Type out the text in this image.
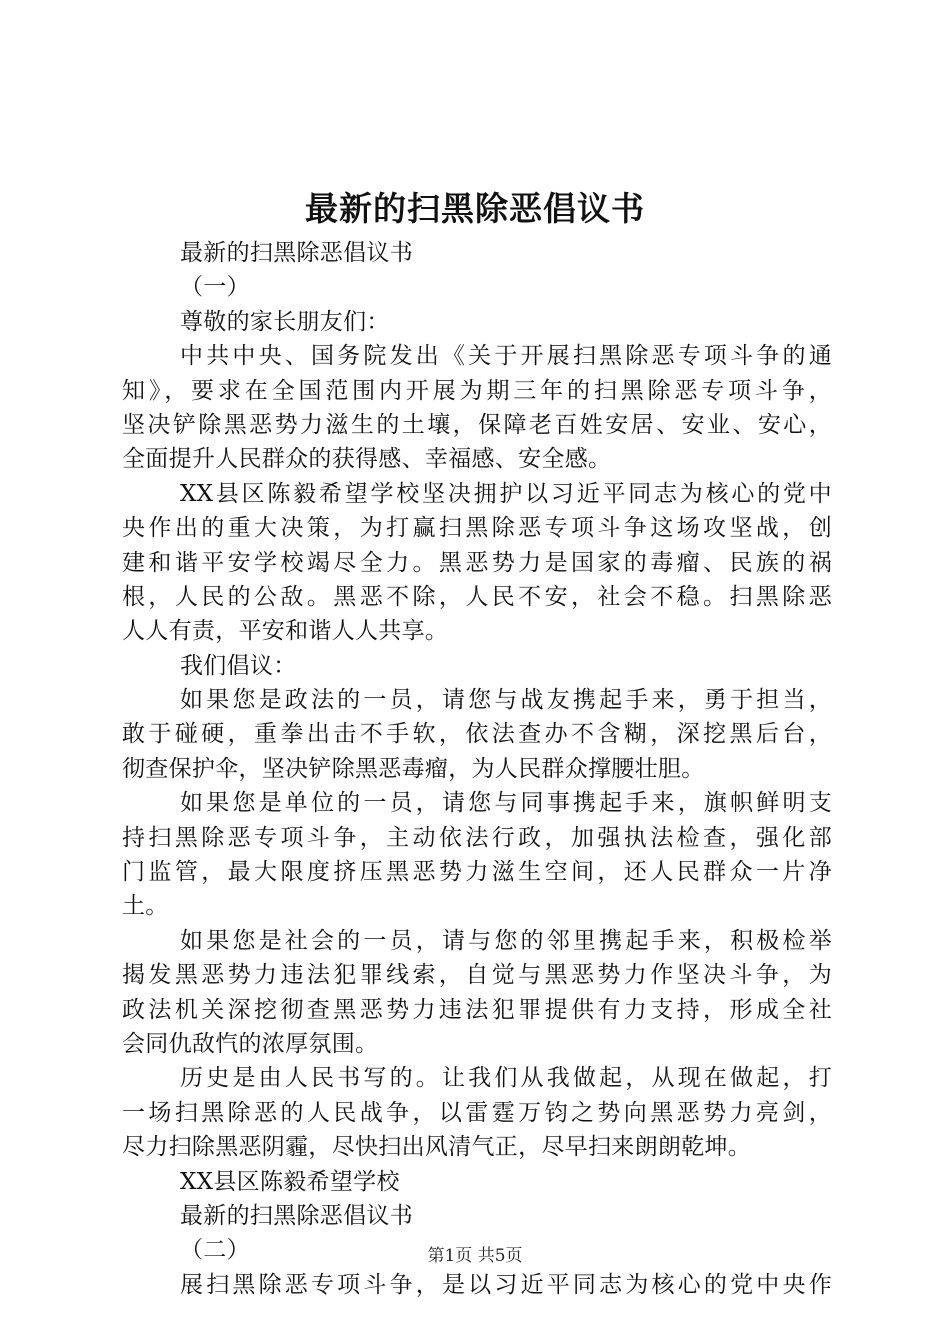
最新的扫黑除恶倡议书
最新的扫黑除恶倡议书
（一）
尊敬的家长朋友们：
中共中央、国务院发出《关于开展扫黑除恶专项斗争的通
知》，要求在全国范围内开展为期三年的扫黑除恶专项斗争，
坚决铲除黑恶势力滋生的土壤，保障老百姓安居、安业、安心，
全面提升人民群众的获得感、幸福感、安全感。
XX县区陈毅希望学校坚决拥护以习近平同志为核心的党中
央作出的重大决策，为打赢扫黑除恶专项斗争这场攻坚战，创
建和谐平安学校竭尽全力。黑恶势力是国家的毒瘤、民族的祸
根，人民的公敌。黑恶不除，人民不安，社会不稳。扫黑除恶
人人有责，平安和谐人人共享。
我们倡议：
如果您是政法的一员，请您与战友携起手来，勇于担当，
敢于碰硬，重拳出击不手软，依法查办不含糊，深挖黑后台，
彻查保护伞，坚决铲除黑恶毒瘤，为人民群众撑腰壮胆。
如果您是单位的一员，请您与同事携起手来，旗帜鲜明支
持扫黑除恶专项斗争，主动依法行政，加强执法检查，强化部
门监管，最大限度挤压黑恶势力滋生空间，还人民群众一片净
土。
如果您是社会的一员，请与您的邻里携起手来，积极检举
揭发黑恶势力违法犯罪线索，自觉与黑恶势力作坚决斗争，为
政法机关深挖彻查黑恶势力违法犯罪提供有力支持，形成全社
会同仇敌忾的浓厚氛围。
历史是由人民书写的。让我们从我做起，从现在做起，打
一场扫黑除恶的人民战争，以雷霆万钧之势向黑恶势力亮剑，
尽力扫除黑恶阴霾，尽快扫出风清气正，尽早扫来朗朗乾坤。
XX县区陈毅希望学校
最新的扫黑除恶倡议书
（二）
展扫黑除恶专项斗争，是以习近平同志为核心的党中央作
第1页 共5页
